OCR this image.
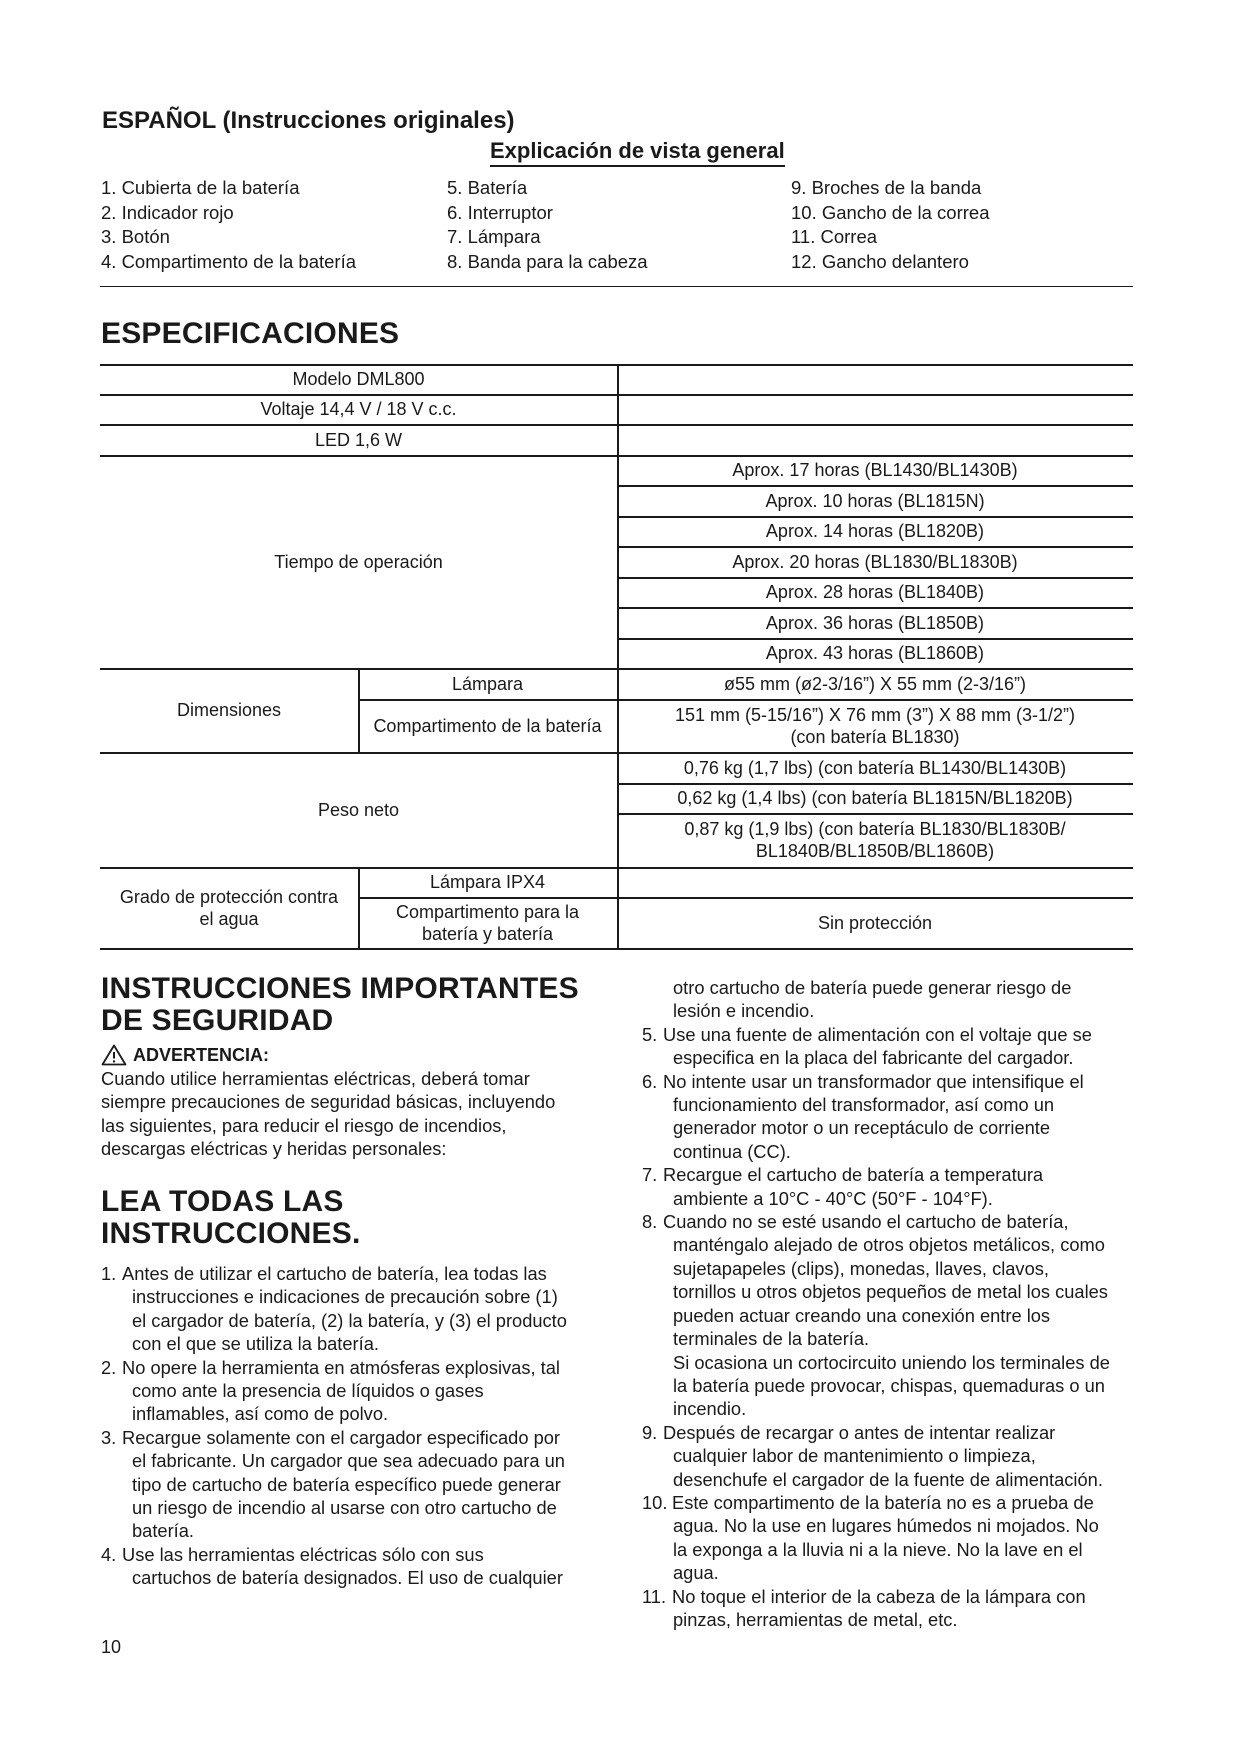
ESPAÑOL (Instrucciones originales)
Explicación de vista general
1. Cubierta de la batería
2. Indicador rojo
3. Botón
4. Compartimento de la batería
5. Batería
6. Interruptor
7. Lámpara
8. Banda para la cabeza
9. Broches de la banda
10. Gancho de la correa
11. Correa
12. Gancho delantero
ESPECIFICACIONES
Modelo DML800
Voltaje 14,4 V / 18 V c.c.
LED 1,6 W
Tiempo de operación
Aprox. 17 horas (BL1430/BL1430B)
Aprox. 10 horas (BL1815N)
Aprox. 14 horas (BL1820B)
Aprox. 20 horas (BL1830/BL1830B)
Aprox. 28 horas (BL1840B)
Aprox. 36 horas (BL1850B)
Aprox. 43 horas (BL1860B)
Dimensiones
Lámpara	ø55 mm (ø2-3/16”) X 55 mm (2-3/16”)
Compartimento de la batería
151 mm (5-15/16”) X 76 mm (3”) X 88 mm (3-1/2”)
(con batería BL1830)
Peso neto
0,76 kg (1,7 lbs) (con batería BL1430/BL1430B)
0,62 kg (1,4 lbs) (con batería BL1815N/BL1820B)
0,87 kg (1,9 lbs) (con batería BL1830/BL1830B/
BL1840B/BL1850B/BL1860B)
Grado de protección contra
el agua
Lámpara IPX4
Compartimento para la
batería y batería
Sin protección
INSTRUCCIONES IMPORTANTES
DE SEGURIDAD
ADVERTENCIA:
Cuando utilice herramientas eléctricas, deberá tomar
siempre precauciones de seguridad básicas, incluyendo
las siguientes, para reducir el riesgo de incendios,
descargas eléctricas y heridas personales:
LEA TODAS LAS
INSTRUCCIONES.
1. Antes de utilizar el cartucho de batería, lea todas las
instrucciones e indicaciones de precaución sobre (1)
el cargador de batería, (2) la batería, y (3) el producto
con el que se utiliza la batería.
2. No opere la herramienta en atmósferas explosivas, tal
como ante la presencia de líquidos o gases
inflamables, así como de polvo.
3. Recargue solamente con el cargador especificado por
el fabricante. Un cargador que sea adecuado para un
tipo de cartucho de batería específico puede generar
un riesgo de incendio al usarse con otro cartucho de
batería.
4. Use las herramientas eléctricas sólo con sus
cartuchos de batería designados. El uso de cualquier
otro cartucho de batería puede generar riesgo de
lesión e incendio.
5. Use una fuente de alimentación con el voltaje que se
especifica en la placa del fabricante del cargador.
6. No intente usar un transformador que intensifique el
funcionamiento del transformador, así como un
generador motor o un receptáculo de corriente
continua (CC).
7. Recargue el cartucho de batería a temperatura
ambiente a 10°C - 40°C (50°F - 104°F).
8. Cuando no se esté usando el cartucho de batería,
manténgalo alejado de otros objetos metálicos, como
sujetapapeles (clips), monedas, llaves, clavos,
tornillos u otros objetos pequeños de metal los cuales
pueden actuar creando una conexión entre los
terminales de la batería.
Si ocasiona un cortocircuito uniendo los terminales de
la batería puede provocar, chispas, quemaduras o un
incendio.
9. Después de recargar o antes de intentar realizar
cualquier labor de mantenimiento o limpieza,
desenchufe el cargador de la fuente de alimentación.
10. Este compartimento de la batería no es a prueba de
agua. No la use en lugares húmedos ni mojados. No
la exponga a la lluvia ni a la nieve. No la lave en el
agua.
11. No toque el interior de la cabeza de la lámpara con
pinzas, herramientas de metal, etc.
10
